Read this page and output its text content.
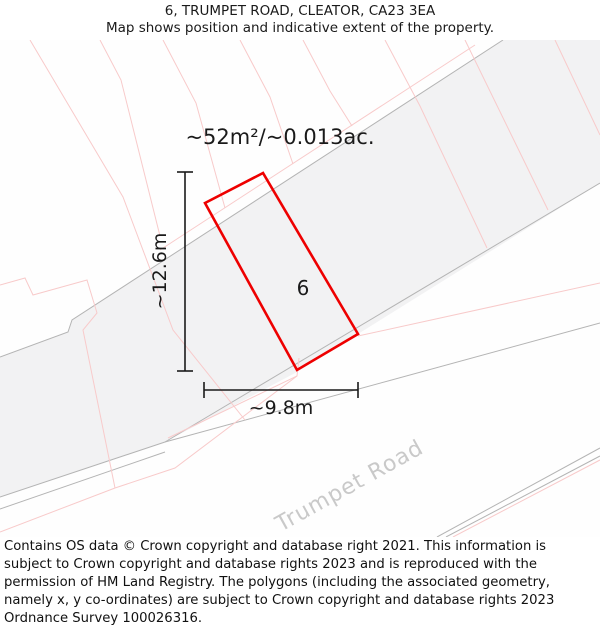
6, TRUMPET ROAD, CLEATOR, CA23 3EA
Map shows position and indicative extent of the property.
~12.6m
~9.8m
~52m²/~0.013ac.
6
Trumpet Road
Contains OS data © Crown copyright and database right 2021. This information is subject to Crown copyright and database rights 2023 and is reproduced with the permission of HM Land Registry. The polygons (including the associated geometry, namely x, y co-ordinates) are subject to Crown copyright and database rights 2023 Ordnance Survey 100026316.
